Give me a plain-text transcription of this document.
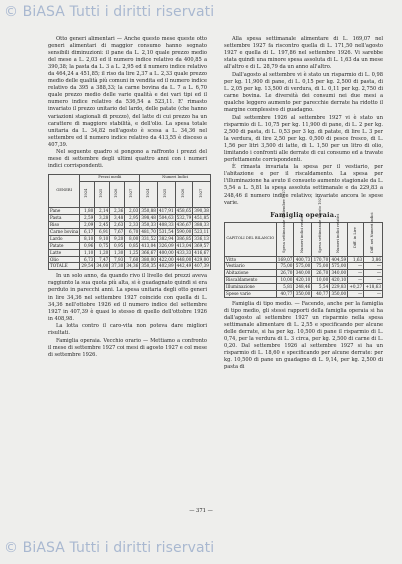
© BiASA Tutti i diritti riservati

Otto generi alimentari — Anche questo mese queste otto generi alimentari di maggior consumo hanno segnato sensibili diminuzioni: il pane da L. 2,10 quale prezzo medio del mese a L. 2,03 ed il numero indice relativo da 400,85 a 390,38; la pasta da L. 3 a L. 2,95 ed il numero indice relativo da 464,24 a 451,85; il riso da lire 2,37 a L. 2,33 quale prezzo medio delle qualità più comuni in vendita ed il numero indice relativo da 395 a 388,33; la carne bovina da L. 7 a L. 6,70 quale prezzo medio delle varie qualità e dei vari tipi ed il numero indice relativo da 536,54 a 523,11. E' rimasto invariato il prezzo unitario del lardo, delle patate (che hanno variazioni stagionali di prezzo), del latte di cui prezzo ha un carattere di maggiore stabilità, e dell'olio. La spesa totale unitaria da L. 34,82 nell'agosto è scesa a L. 34,36 nel settembre ed il numero indice relativo da 413,55 è disceso a 407,39.

Nel seguente quadro si pongono a raffronto i prezzi del mese di settembre degli ultimi quattro anni con i numeri indici corrispondenti.

GENERI	Prezzi medii				Numeri Indici			
	1924	1925	1926	1927	1924	1925	1926	1927
Pane	1,80	2,14	2,36	2,03	350,88	417,91	458,65	390,38
Pasta	2,59	3,28	3,48	2,95	398,48	504,63	532,79	451,85
Riso	2,09	2,45	2,63	2,33	350,33	408,33	436,67	388,33
Carne bovina	6,17	6,91	7,67	6,70	481,70	531,54	590,00	523,11
Lardo	8,10	9,10	9,20	8,00	331,52	382,94	386,85	336,13
Patate	0,96	0,75	0,95	0,85	413,04	326,09	413,04	369,57
Latte	1,10	1,20	1,30	1,25	366,67	400,00	433,33	416,67
Olio	6,73	7,47	7,93	7,60	380,00	422,00	448,00	429,00
TOTALE	29,54	34,00	37,30	34,36	350,35	402,89	442,49	407,39

In un solo anno, da quando rivo il livello dei prezzi aveva raggiunto la sua quota più alta, si è guadagnato quindi si era perduto in parecchi anni. La spesa unitaria degli otto generi in lire 34,36 nel settembre 1927 coincide con quella di L. 34,36 nell'ottobre 1926 ed il numero indice del settembre 1927 in 407,39 è quasi lo stesso di quello dell'ottobre 1926 in 408,98.

La lotta contro il caro-vita non poteva dare migliori risultati.

Famiglia operaia. Vecchio orario — Mettiamo a confronto il mese di settembre 1927 coi mesi di agosto 1927 e col mese di settembre 1926.

Alla spesa settimanale alimentare di L. 169,07 nel settembre 1927 fa riscontro quella di L. 171,50 nell'agosto 1927 e quella di L. 197,86 nel settembre 1926. Vi sarebbe stata quindi una minore spesa assoluta di L. 1,63 da un mese all'altro e di L. 28,79 da un anno all'altro.

Dall'agosto al settembre vi è stato un risparmio di L. 0,98 per kg. 11,900 di pane, di L. 0,15 per kg. 2,500 di pasta, di L. 2,05 per kg. 13,500 di verdura, di L. 0,11 per kg. 2,750 di carne bovina. Le diversità dei consumi nei due mesi a qualche leggero aumento per parecchie derrate ha ridotto il margine complessivo di guadagno.

Dal settembre 1926 al settembre 1927 vi è stato un risparmio di L. 10,75 per kg. 11,900 di pane, di L. 2 per kg. 2,500 di pasta, di L. 0,53 per 3 kg. di patate, di lire L. 3 per la verdura, di lire 2,50 per kg. 0,500 di pesce fresco, di L. 1,56 per litri 3,500 di latte, di L. 1,50 per un litro di olio, limitando i confronti alle derrate di cui consumo ed a travate perfettamente corrispondenti.

È rimasta invariata la spesa per il vestiario, per l'abitazione e per il riscaldamento. La spesa per l'illuminazione ha avuto il consueto aumento stagionale da L. 5,54 a L. 5,81 la spesa assoluta settimanale e da 229,83 a 248,46 il numero indice relativo; invariate ancora le spese varie.

Famiglia operaia.
CAPITOLI DEL BILANCIO	Spesa settimanale Settembre 1927	Numeri indici relativi	Spesa settimanale Agosto 1927	Numeri indici relativi	Diff. in Lire	Diff. nei Numeri indici
Vitto	169,07	400,73	170,70	404,59	1,63	3,86
Vestiario	75,00	575,00	75,00	575,00	—	—
Abitazione	26,70	340,00	26,70	340,00	—	—
Riscaldamento	10,00	420,10	10,00	420,10	—	—
Illuminazione	5,81	248,46	5,54	229,83	+0,27	+18,63
Spese varie	40,77	350,00	40,77	350,00	—	—

Famiglia di tipo medio. — Facendo, anche per la famiglia di tipo medio, gli stessi rapporti della famiglia operaia si ha dall'agosto al settembre 1927 un risparmio nella spesa settimanale alimentare di L. 2,55 e specificando per alcune delle derrate, si ha per kg. 10,500 di pane il risparmio di L. 0,74, per la verdura di L. 3 circa, per kg. 2,500 di carne di L. 0,20. Dal settembre 1926 al settembre 1927 si ha un risparmio di L. 18,60 e specificando per alcune derrate: per kg. 10,500 di pane un guadagno di L. 9,14, per kg. 2,500 di pasta di

— 371 —
© BiASA Tutti i diritti riservati
